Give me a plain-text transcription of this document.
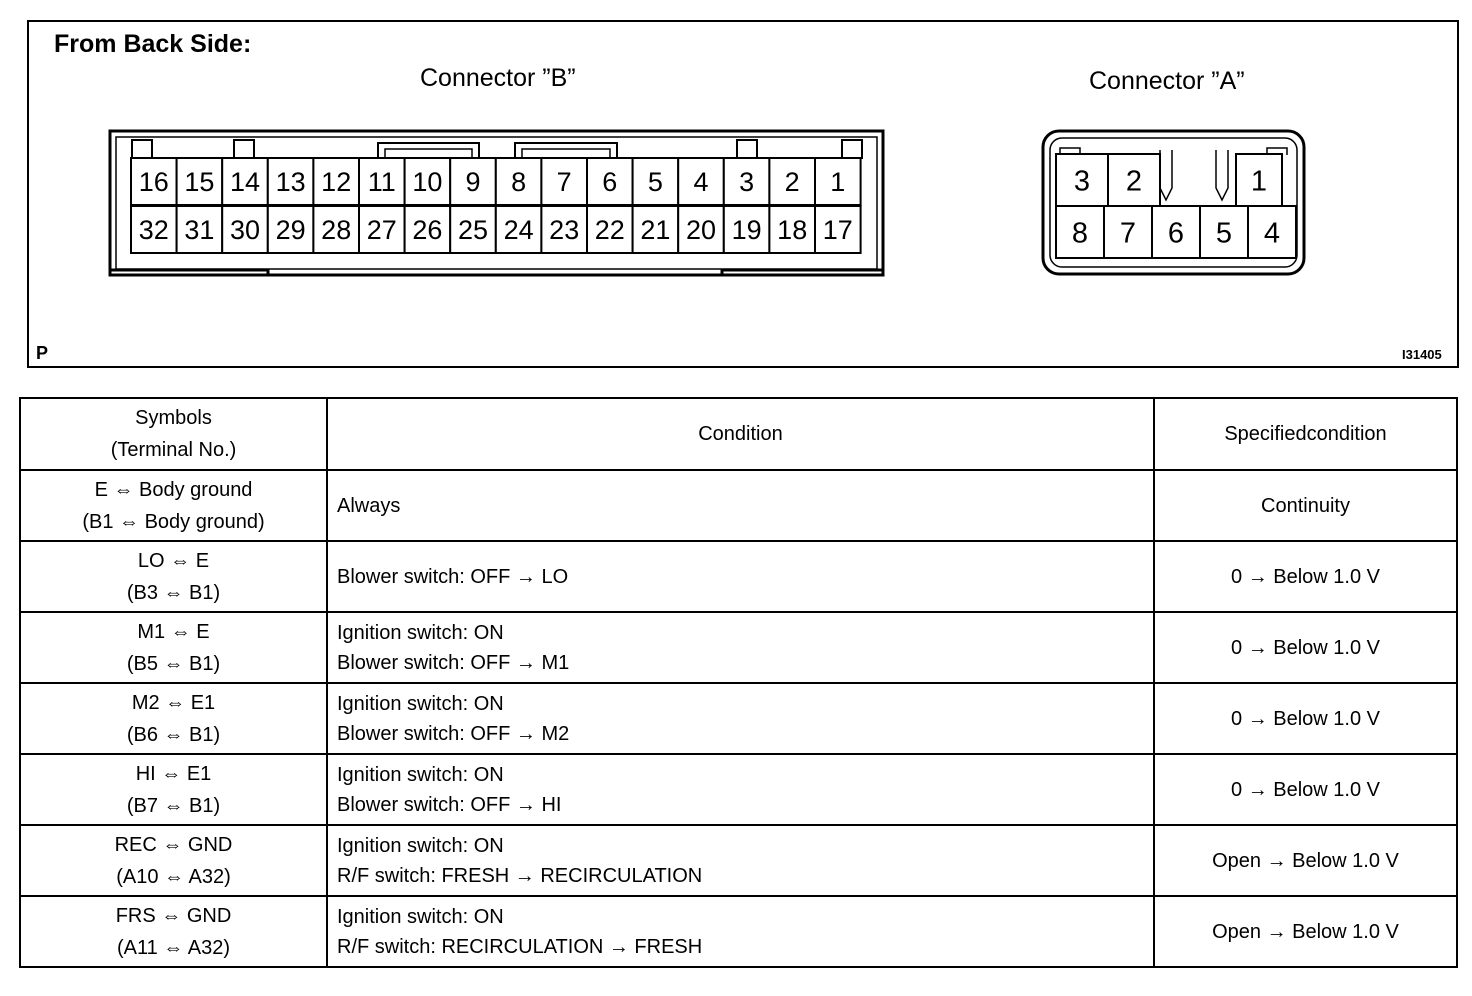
From Back Side:
Connector ”B”	Connector ”A”
P	I31405
16 15 14 13 12 11 10 9 8 7 6 5 4 3 2 1
32 31 30 29 28 27 26 25 24 23 22 21 20 19 18 17
3 2	1
8 7 6 5 4
Symbols
(Terminal No.)	Condition	Specifiedcondition

E ⇔ Body ground
(B1 ⇔ Body ground)	Always	Continuity

LO ⇔ E
(B3 ⇔ B1)	Blower switch: OFF → LO	0 → Below 1.0 V

M1 ⇔ E
(B5 ⇔ B1)	Ignition switch: ON
Blower switch: OFF → M1	0 → Below 1.0 V

M2 ⇔ E1
(B6 ⇔ B1)	Ignition switch: ON
Blower switch: OFF → M2	0 → Below 1.0 V

HI ⇔ E1
(B7 ⇔ B1)	Ignition switch: ON
Blower switch: OFF → HI	0 → Below 1.0 V

REC ⇔ GND
(A10 ⇔ A32)	Ignition switch: ON
R/F switch: FRESH → RECIRCULATION	Open → Below 1.0 V

FRS ⇔ GND
(A11 ⇔ A32)	Ignition switch: ON
R/F switch: RECIRCULATION → FRESH	Open → Below 1.0 V
